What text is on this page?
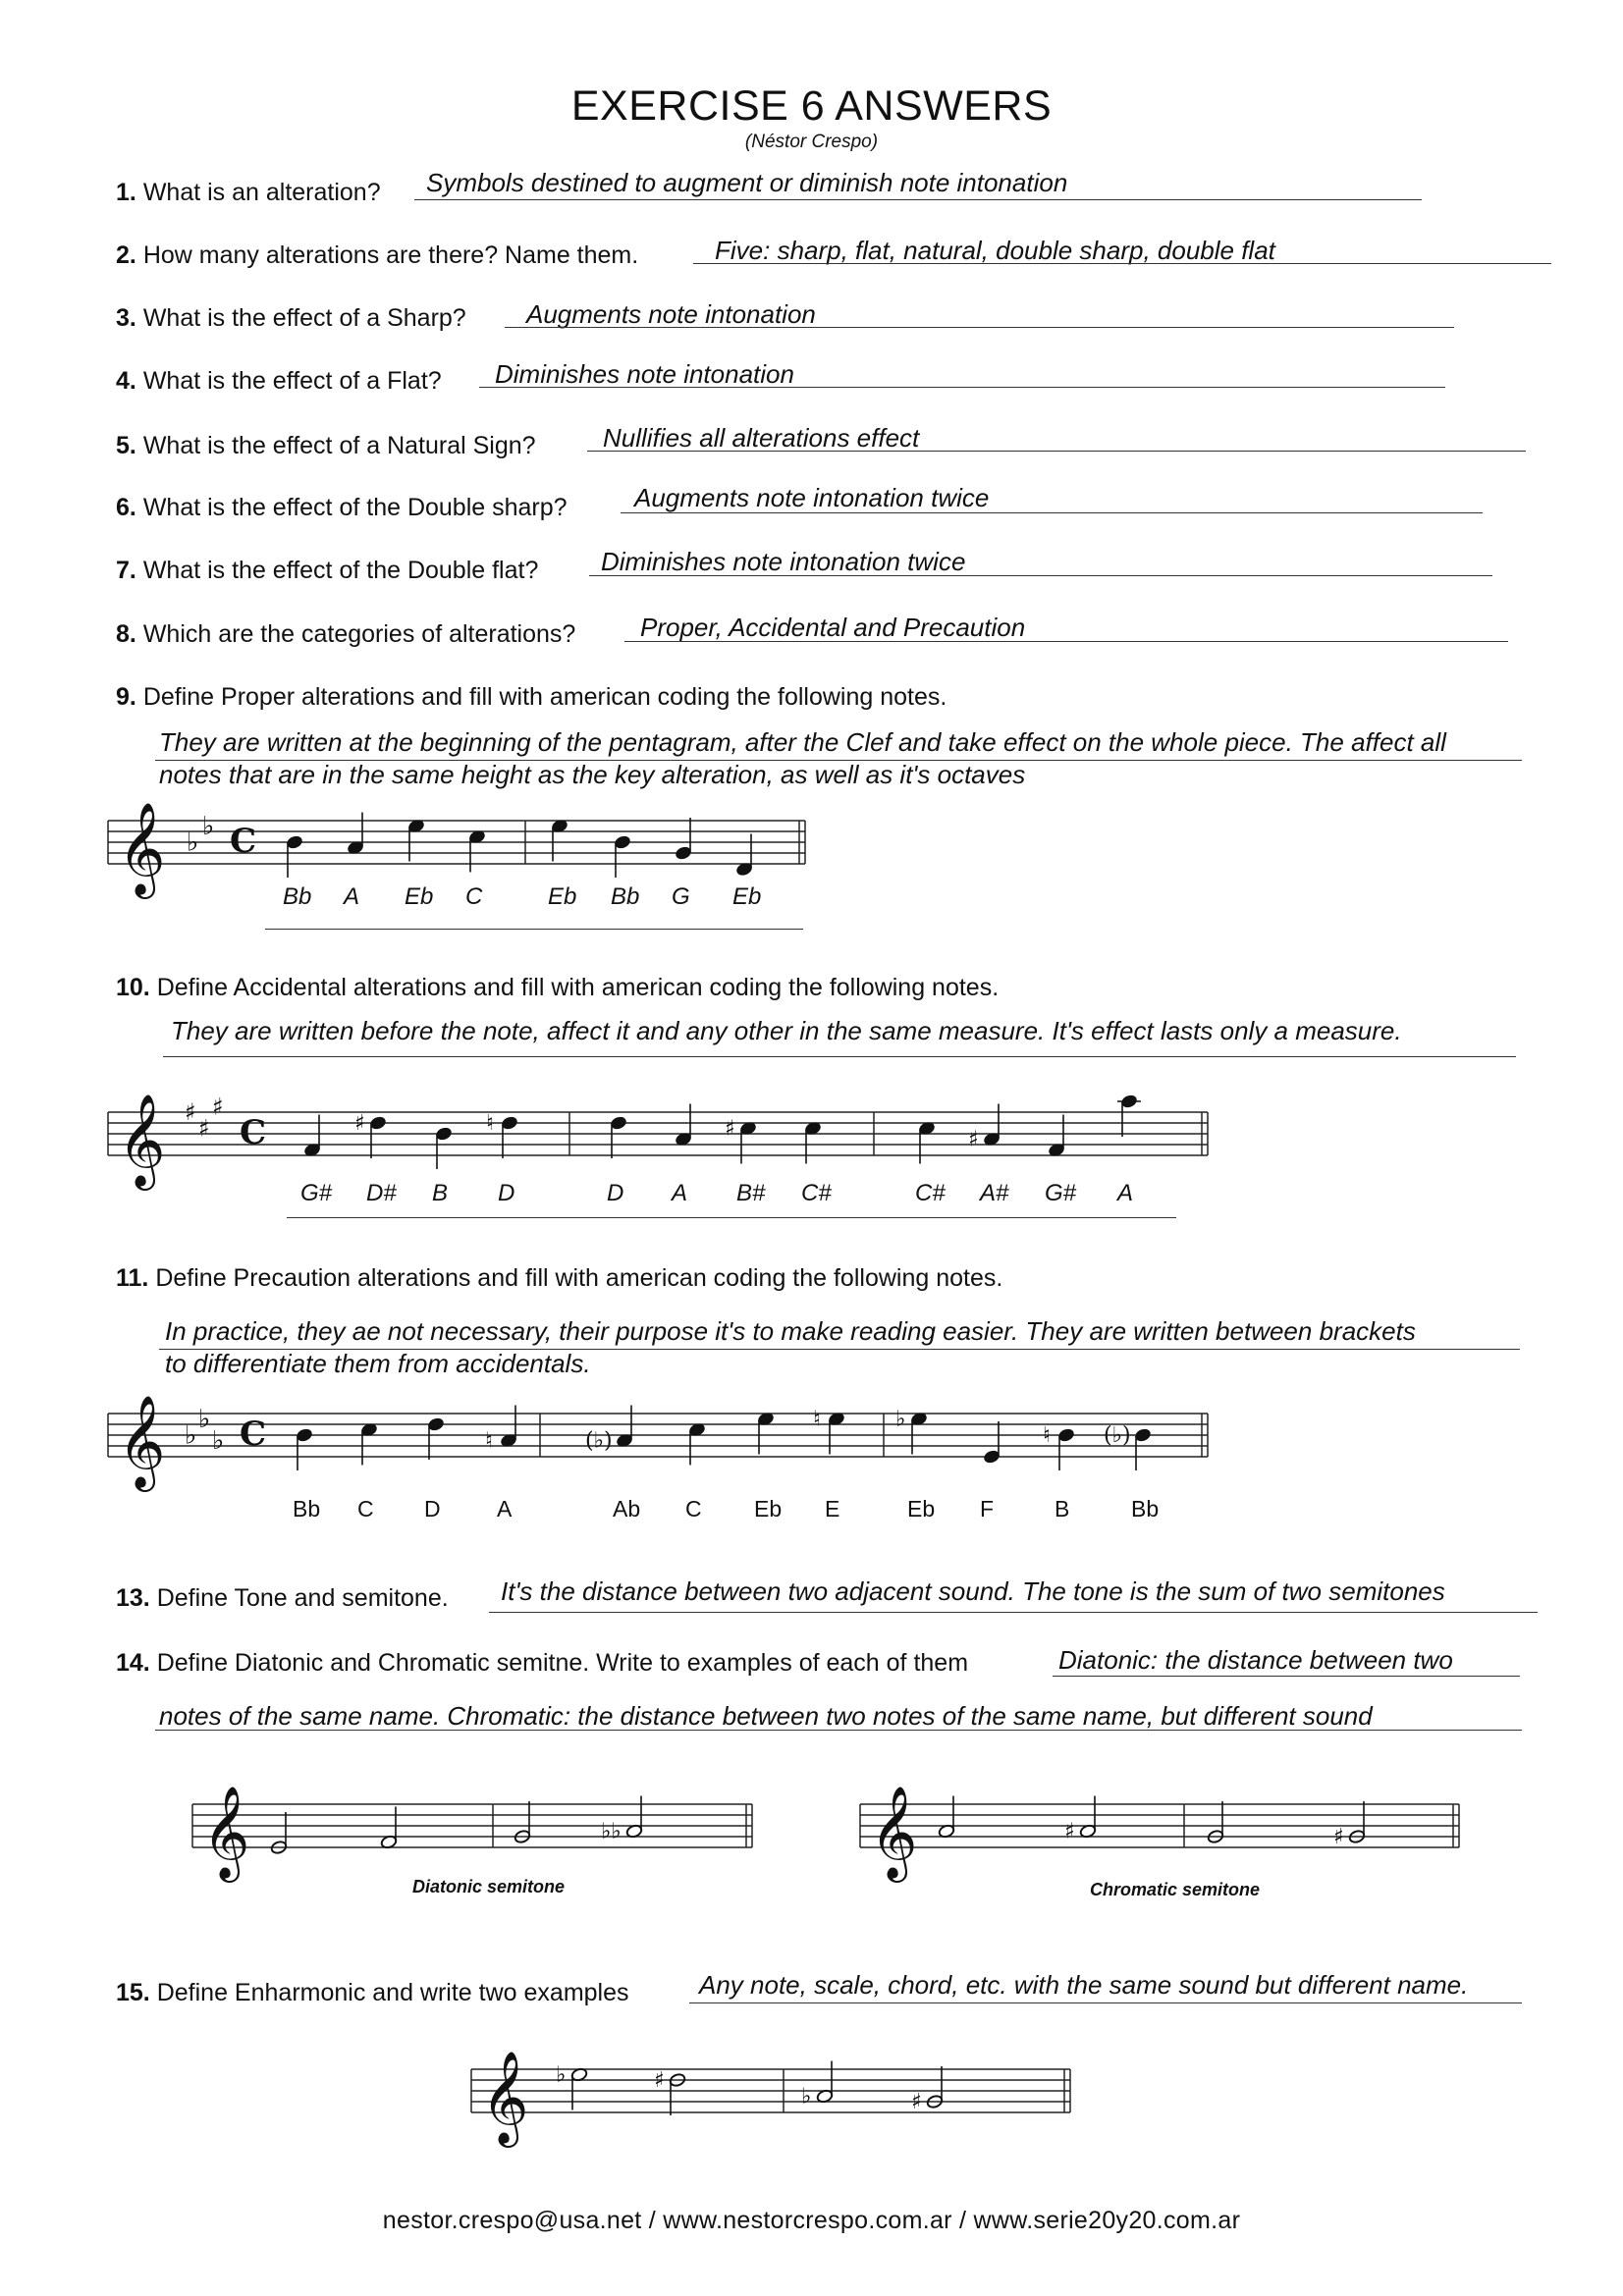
EXERCISE 6 ANSWERS
(Néstor Crespo)
1. What is an alteration? Symbols destined to augment or diminish note intonation
2. How many alterations are there? Name them.	Five: sharp, flat, natural, double sharp, double flat
3. What is the effect of a Sharp? Augments note intonation
4. What is the effect of a Flat? Diminishes note intonation
5. What is the effect of a Natural Sign?	Nullifies all alterations effect
6. What is the effect of the Double sharp?	Augments note intonation twice
7. What is the effect of the Double flat? Diminishes note intonation twice
8. Which are the categories of alterations?	Proper, Accidental and Precaution
9. Define Proper alterations and fill with american coding the following notes.
They are written at the beginning of the pentagram, after the Clef and take effect on the whole piece. The affect all
notes that are in the same height as the key alteration, as well as it's octaves
𝄞 ♭
♭ C
Bb A Eb C	Eb Bb G Eb
10. Define Accidental alterations and fill with american coding the following notes.
They are written before the note, affect it and any other in the same measure. It's effect lasts only a measure.
𝄞 ♯
♯
♯
C	♯	♮	♯	♯
G# D# B D	D A B# C#	C# A# G# A
11. Define Precaution alterations and fill with american coding the following notes.
In practice, they ae not necessary, their purpose it's to make reading easier. They are written between brackets
to differentiate them from accidentals.
𝄞 ♭
♭
♭ C	♮	(♭)
♮	♭
♮ (♭)
Bb C D A	Ab C Eb E	Eb F	B	Bb
13. Define Tone and semitone. It's the distance between two adjacent sound. The tone is the sum of two semitones
14. Define Diatonic and Chromatic semitne. Write to examples of each of them	Diatonic: the distance between two
notes of the same name. Chromatic: the distance between two notes of the same name, but different sound
𝄞	♭♭
Diatonic semitone
𝄞	♯	♯
Chromatic semitone
15. Define Enharmonic and write two examples	Any note, scale, chord, etc. with the same sound but different name.
𝄞 ♭	♯
♭	♯
nestor.crespo@usa.net / www.nestorcrespo.com.ar / www.serie20y20.com.ar
